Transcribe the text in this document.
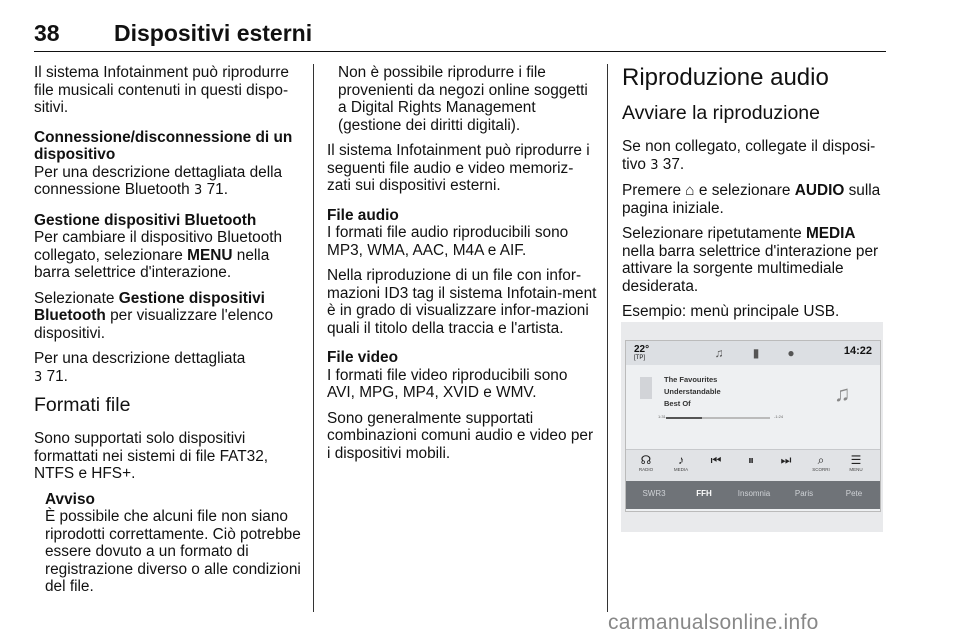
38 Dispositivi esterni

Il sistema Infotainment può riprodurre file musicali contenuti in questi dispo-sitivi.

Connessione/disconnessione di un dispositivo
Per una descrizione dettagliata della connessione Bluetooth 3 71.

Gestione dispositivi Bluetooth
Per cambiare il dispositivo Bluetooth collegato, selezionare MENU nella barra selettrice d'interazione.

Selezionate Gestione dispositivi Bluetooth per visualizzare l'elenco dispositivi.

Per una descrizione dettagliata
3 71.

Formati file

Sono supportati solo dispositivi formattati nei sistemi di file FAT32, NTFS e HFS+.

Avviso
È possibile che alcuni file non siano riprodotti correttamente. Ciò potrebbe essere dovuto a un formato di registrazione diverso o alle condizioni del file.

Non è possibile riprodurre i file provenienti da negozi online soggetti a Digital Rights Management (gestione dei diritti digitali).

Il sistema Infotainment può riprodurre i seguenti file audio e video memoriz-zati sui dispositivi esterni.

File audio
I formati file audio riproducibili sono MP3, WMA, AAC, M4A e AIF.

Nella riproduzione di un file con infor-mazioni ID3 tag il sistema Infotain-ment è in grado di visualizzare infor-mazioni quali il titolo della traccia e l'artista.

File video
I formati file video riproducibili sono AVI, MPG, MP4, XVID e WMV.

Sono generalmente supportati combinazioni comuni audio e video per i dispositivi mobili.

Riproduzione audio
Avviare la riproduzione

Se non collegato, collegate il disposi-tivo 3 37.

Premere ⌂ e selezionare AUDIO sulla pagina iniziale.

Selezionare ripetutamente MEDIA nella barra selettrice d'interazione per attivare la sorgente multimediale desiderata.

Esempio: menù principale USB.

22°
[TP]	♫	▮	●	14:22
The Favourites
Understandable
Best Of
1:31	-1:24
♫
☊
RADIO
♪
MEDIA
⏮	⏸	⏭	⌕
SCORRI
☰
MENU
SWR3	FFH	Insomnia	Paris	Pete
carmanualsonline.info
